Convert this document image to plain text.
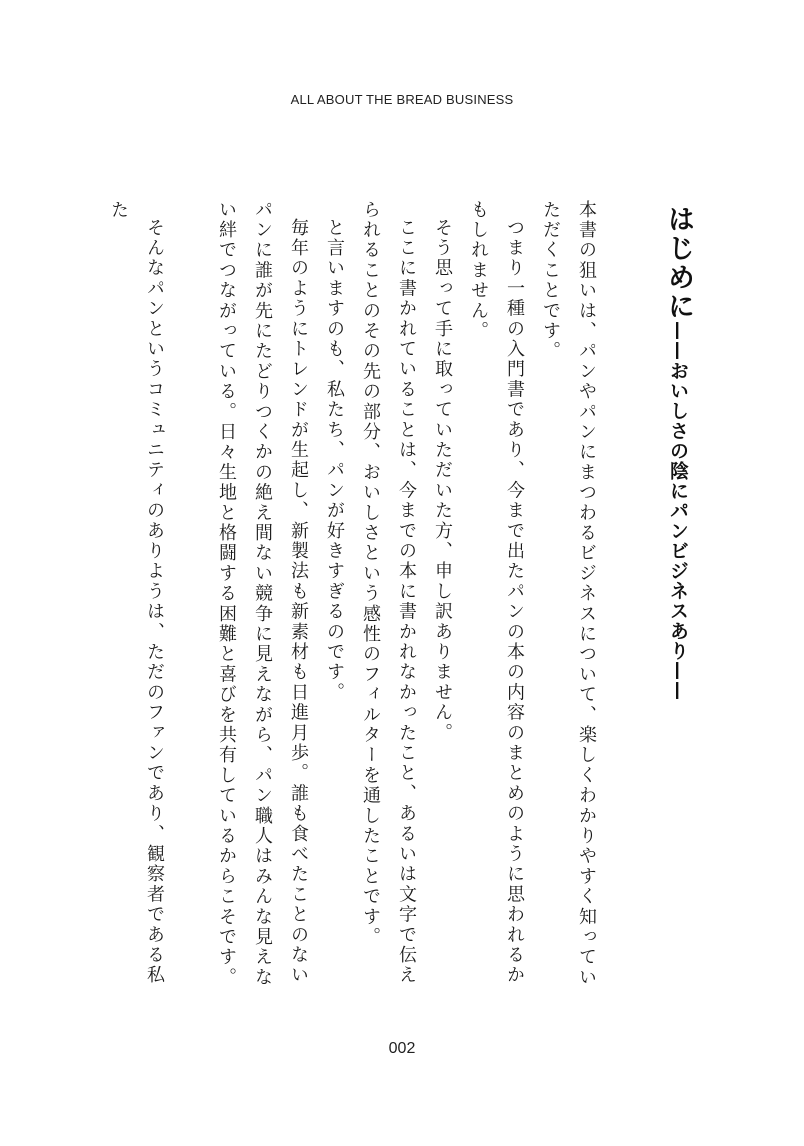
ALL ABOUT THE BREAD BUSINESS
はじめに——おいしさの陰にパンビジネスあり——

本書の狙いは、パンやパンにまつわるビジネスについて、楽しくわかりやすく知っていただくことです。

つまり一種の入門書であり、今まで出たパンの本の内容のまとめのように思われるかもしれません。

そう思って手に取っていただいた方、申し訳ありません。

ここに書かれていることは、今までの本に書かれなかったこと、あるいは文字で伝えられることのその先の部分、おいしさという感性のフィルターを通したことです。

と言いますのも、私たち、パンが好きすぎるのです。

毎年のようにトレンドが生起し、新製法も新素材も日進月歩。誰も食べたことのないパンに誰が先にたどりつくかの絶え間ない競争に見えながら、パン職人はみんな見えない絆でつながっている。日々生地と格闘する困難と喜びを共有しているからこそです。

そんなパンというコミュニティのありようは、ただのファンであり、観察者である私た

002
